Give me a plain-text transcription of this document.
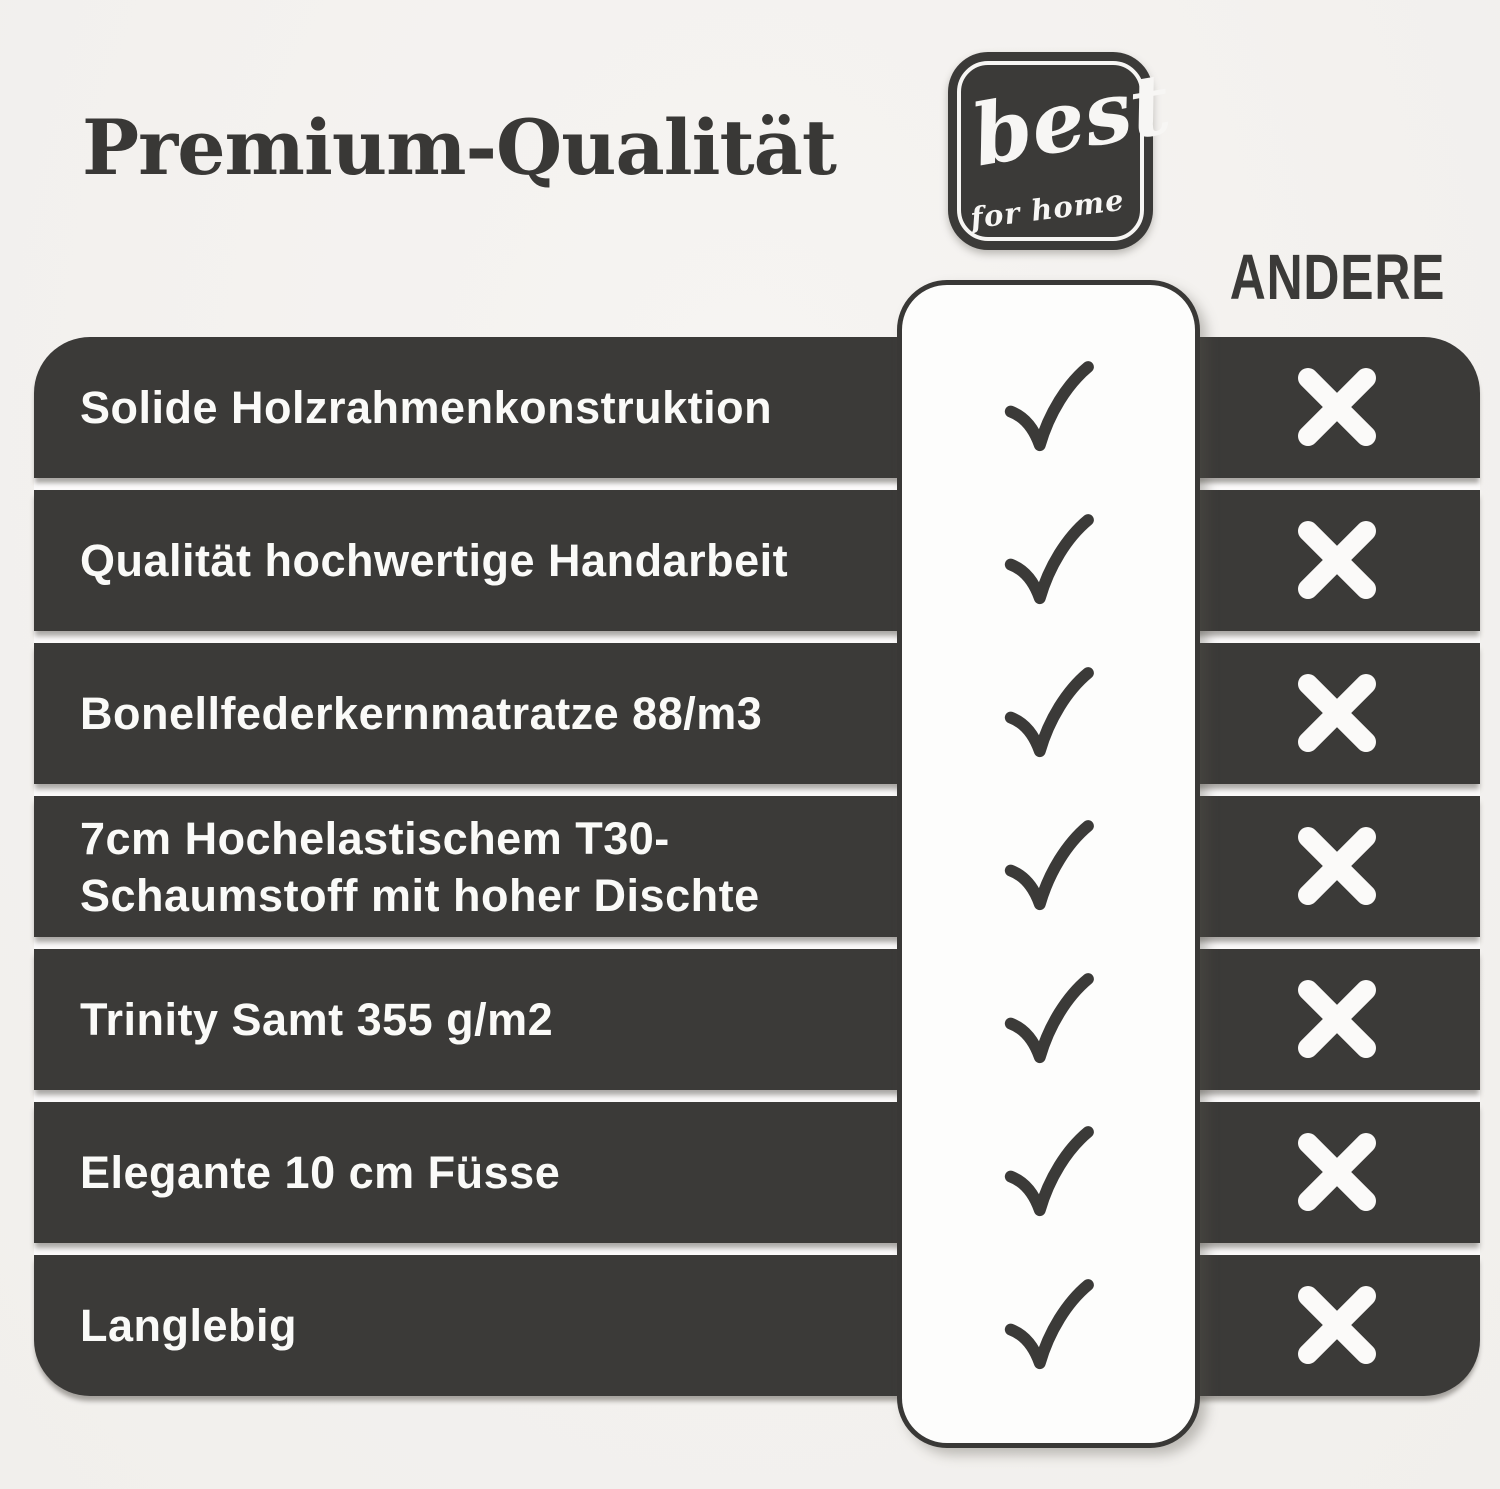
Premium-Qualität best
for home
ANDERE
Solide Holzrahmenkonstruktion
Qualität hochwertige Handarbeit
Bonellfederkernmatratze 88/m3
7cm Hochelastischem T30-
Schaumstoff mit hoher Dischte
Trinity Samt 355 g/m2
Elegante 10 cm Füsse
Langlebig
